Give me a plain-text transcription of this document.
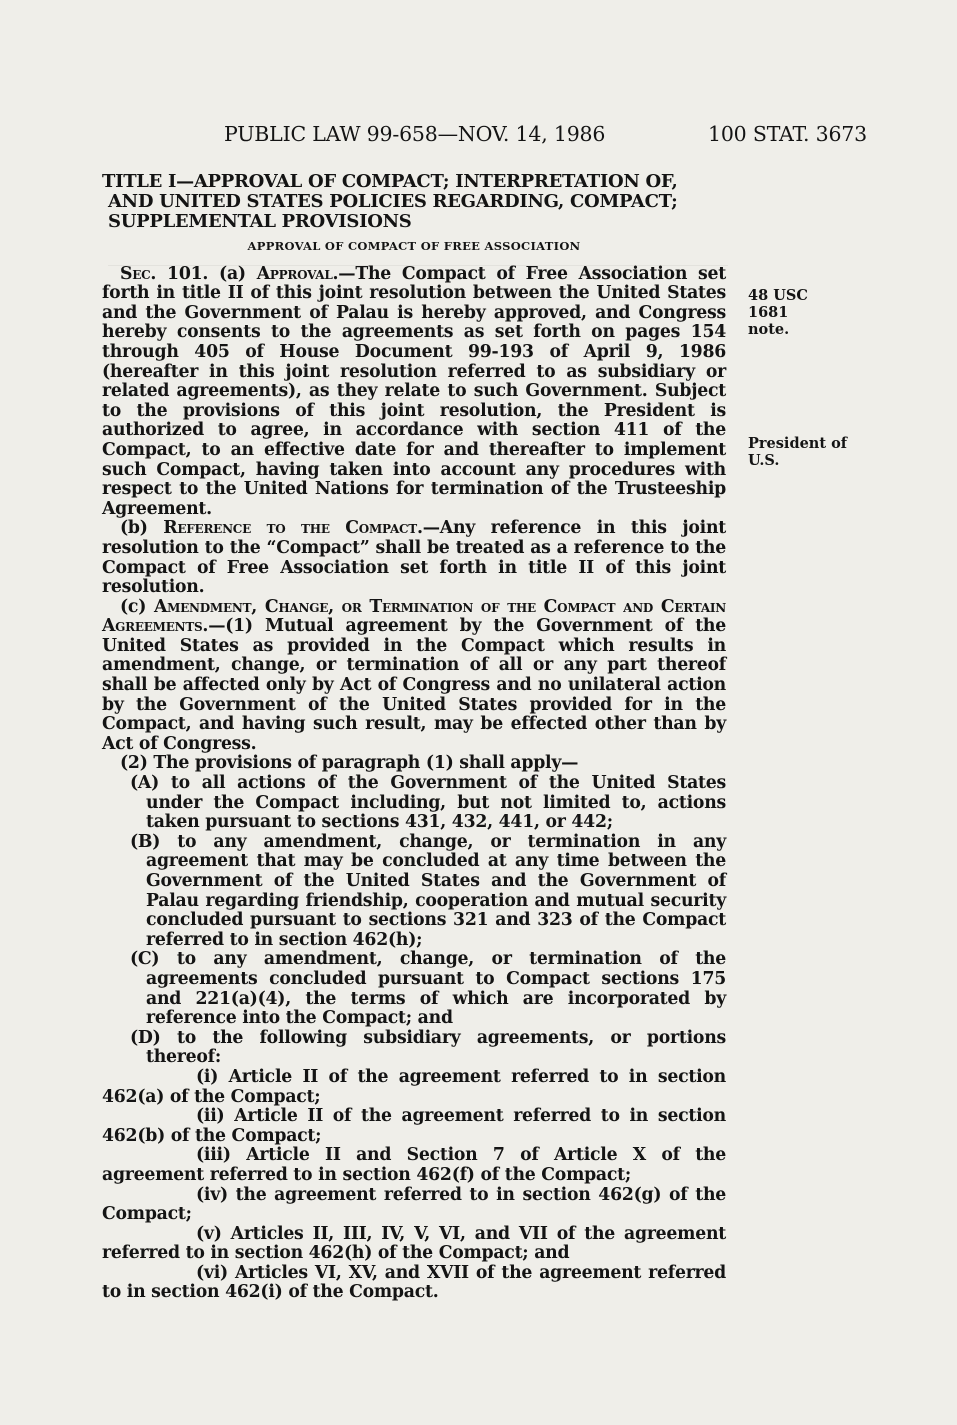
PUBLIC LAW 99-658—NOV. 14, 1986	100 STAT. 3673
48 USC 1681
note.
President of U.S.
TITLE I—APPROVAL OF COMPACT; INTERPRETATION OF,
AND UNITED STATES POLICIES REGARDING, COMPACT;
SUPPLEMENTAL PROVISIONS
APPROVAL OF COMPACT OF FREE ASSOCIATION

Sec. 101. (a) Approval.—The Compact of Free Association set forth in title II of this joint resolution between the United States and the Government of Palau is hereby approved, and Congress hereby consents to the agreements as set forth on pages 154 through 405 of House Document 99-193 of April 9, 1986 (hereafter in this joint resolution referred to as subsidiary or related agreements), as they relate to such Government. Subject to the provisions of this joint resolution, the President is authorized to agree, in accordance with section 411 of the Compact, to an effective date for and thereafter to implement such Compact, having taken into account any procedures with respect to the United Nations for termination of the Trusteeship Agreement.

(b) Reference to the Compact.—Any reference in this joint resolution to the “Compact” shall be treated as a reference to the Compact of Free Association set forth in title II of this joint resolution.

(c) Amendment, Change, or Termination of the Compact and Certain Agreements.—(1) Mutual agreement by the Government of the United States as provided in the Compact which results in amendment, change, or termination of all or any part thereof shall be affected only by Act of Congress and no unilateral action by the Government of the United States provided for in the Compact, and having such result, may be effected other than by Act of Congress.

(2) The provisions of paragraph (1) shall apply—

(A) to all actions of the Government of the United States under the Compact including, but not limited to, actions taken pursuant to sections 431, 432, 441, or 442;

(B) to any amendment, change, or termination in any agreement that may be concluded at any time between the Government of the United States and the Government of Palau regarding friendship, cooperation and mutual security concluded pursuant to sections 321 and 323 of the Compact referred to in section 462(h);

(C) to any amendment, change, or termination of the agreements concluded pursuant to Compact sections 175 and 221(a)(4), the terms of which are incorporated by reference into the Compact; and

(D) to the following subsidiary agreements, or portions thereof:

(i) Article II of the agreement referred to in section 462(a) of the Compact;

(ii) Article II of the agreement referred to in section 462(b) of the Compact;

(iii) Article II and Section 7 of Article X of the agreement referred to in section 462(f) of the Compact;

(iv) the agreement referred to in section 462(g) of the Compact;

(v) Articles II, III, IV, V, VI, and VII of the agreement referred to in section 462(h) of the Compact; and

(vi) Articles VI, XV, and XVII of the agreement referred to in section 462(i) of the Compact.
